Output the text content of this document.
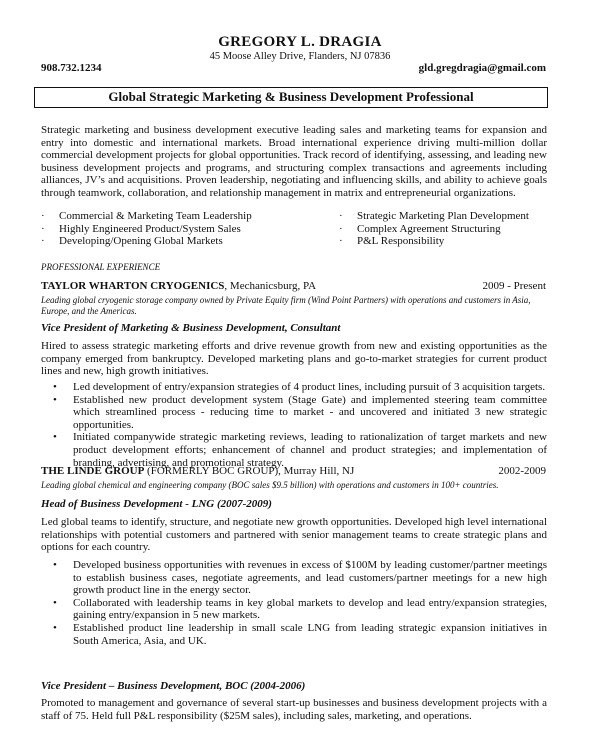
GREGORY L. DRAGIA
45 Moose Alley Drive, Flanders, NJ 07836
908.732.1234	gld.gregdragia@gmail.com
Global Strategic Marketing & Business Development Professional
Strategic marketing and business development executive leading sales and marketing teams for expansion and entry into domestic and international markets. Broad international experience driving multi-million dollar commercial development projects for global opportunities. Track record of identifying, assessing, and leading new business development projects and programs, and structuring complex transactions and agreements including alliances, JV’s and acquisitions. Proven leadership, negotiating and influencing skills, and ability to achieve goals through teamwork, collaboration, and relationship management in matrix and entrepreneurial organizations.
· Commercial & Marketing Team Leadership
· Highly Engineered Product/System Sales
· Developing/Opening Global Markets
· Strategic Marketing Plan Development
· Complex Agreement Structuring
· P&L Responsibility
PROFESSIONAL EXPERIENCE
TAYLOR WHARTON CRYOGENICS, Mechanicsburg, PA	2009 - Present
Leading global cryogenic storage company owned by Private Equity firm (Wind Point Partners) with operations and customers in Asia, Europe, and the Americas.
Vice President of Marketing & Business Development, Consultant
Hired to assess strategic marketing efforts and drive revenue growth from new and existing opportunities as the company emerged from bankruptcy. Developed marketing plans and go-to-market strategies for current product lines and new, high growth initiatives.
• Led development of entry/expansion strategies of 4 product lines, including pursuit of 3 acquisition targets.
• Established new product development system (Stage Gate) and implemented steering team committee which streamlined process - reducing time to market - and uncovered and initiated 3 new strategic opportunities.
• Initiated companywide strategic marketing reviews, leading to rationalization of target markets and new product development efforts; enhancement of channel and product strategies; and implementation of branding, advertising, and promotional strategy.
THE LINDE GROUP (FORMERLY BOC GROUP), Murray Hill, NJ	2002-2009
Leading global chemical and engineering company (BOC sales $9.5 billion) with operations and customers in 100+ countries.
Head of Business Development - LNG (2007-2009)
Led global teams to identify, structure, and negotiate new growth opportunities. Developed high level international relationships with potential customers and partnered with senior management teams to create strategic plans and options for each country.
• Developed business opportunities with revenues in excess of $100M by leading customer/partner meetings to establish business cases, negotiate agreements, and lead customers/partner meetings for a new high growth product line in the energy sector.
• Collaborated with leadership teams in key global markets to develop and lead entry/expansion strategies, gaining entry/expansion in 5 new markets.
• Established product line leadership in small scale LNG from leading strategic expansion initiatives in South America, Asia, and UK.
Vice President – Business Development, BOC (2004-2006)
Promoted to management and governance of several start-up businesses and business development projects with a staff of 75. Held full P&L responsibility ($25M sales), including sales, marketing, and operations.
